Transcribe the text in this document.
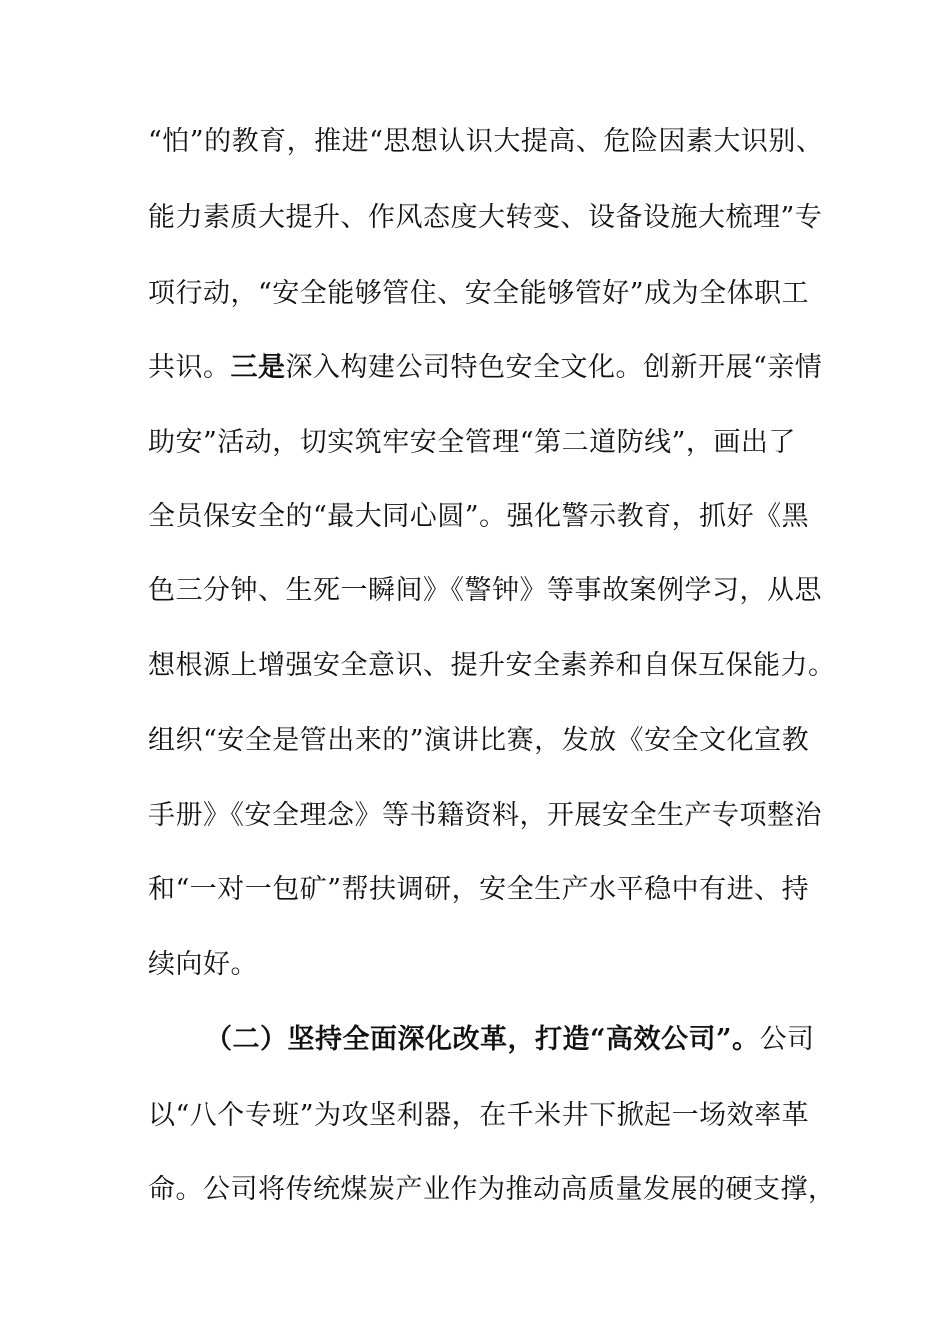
“怕”的教育，推进“思想认识大提高、危险因素大识别、
能力素质大提升、作风态度大转变、设备设施大梳理”专
项行动，“安全能够管住、安全能够管好”成为全体职工
共识。三是深入构建公司特色安全文化。创新开展“亲情
助安”活动，切实筑牢安全管理“第二道防线”，画出了
全员保安全的“最大同心圆”。强化警示教育，抓好《黑
色三分钟、生死一瞬间》《警钟》等事故案例学习，从思
想根源上增强安全意识、提升安全素养和自保互保能力。
组织“安全是管出来的”演讲比赛，发放《安全文化宣教
手册》《安全理念》等书籍资料，开展安全生产专项整治
和“一对一包矿”帮扶调研，安全生产水平稳中有进、持
续向好。
（二）坚持全面深化改革，打造“高效公司”。公司
以“八个专班”为攻坚利器，在千米井下掀起一场效率革
命。公司将传统煤炭产业作为推动高质量发展的硬支撑，
